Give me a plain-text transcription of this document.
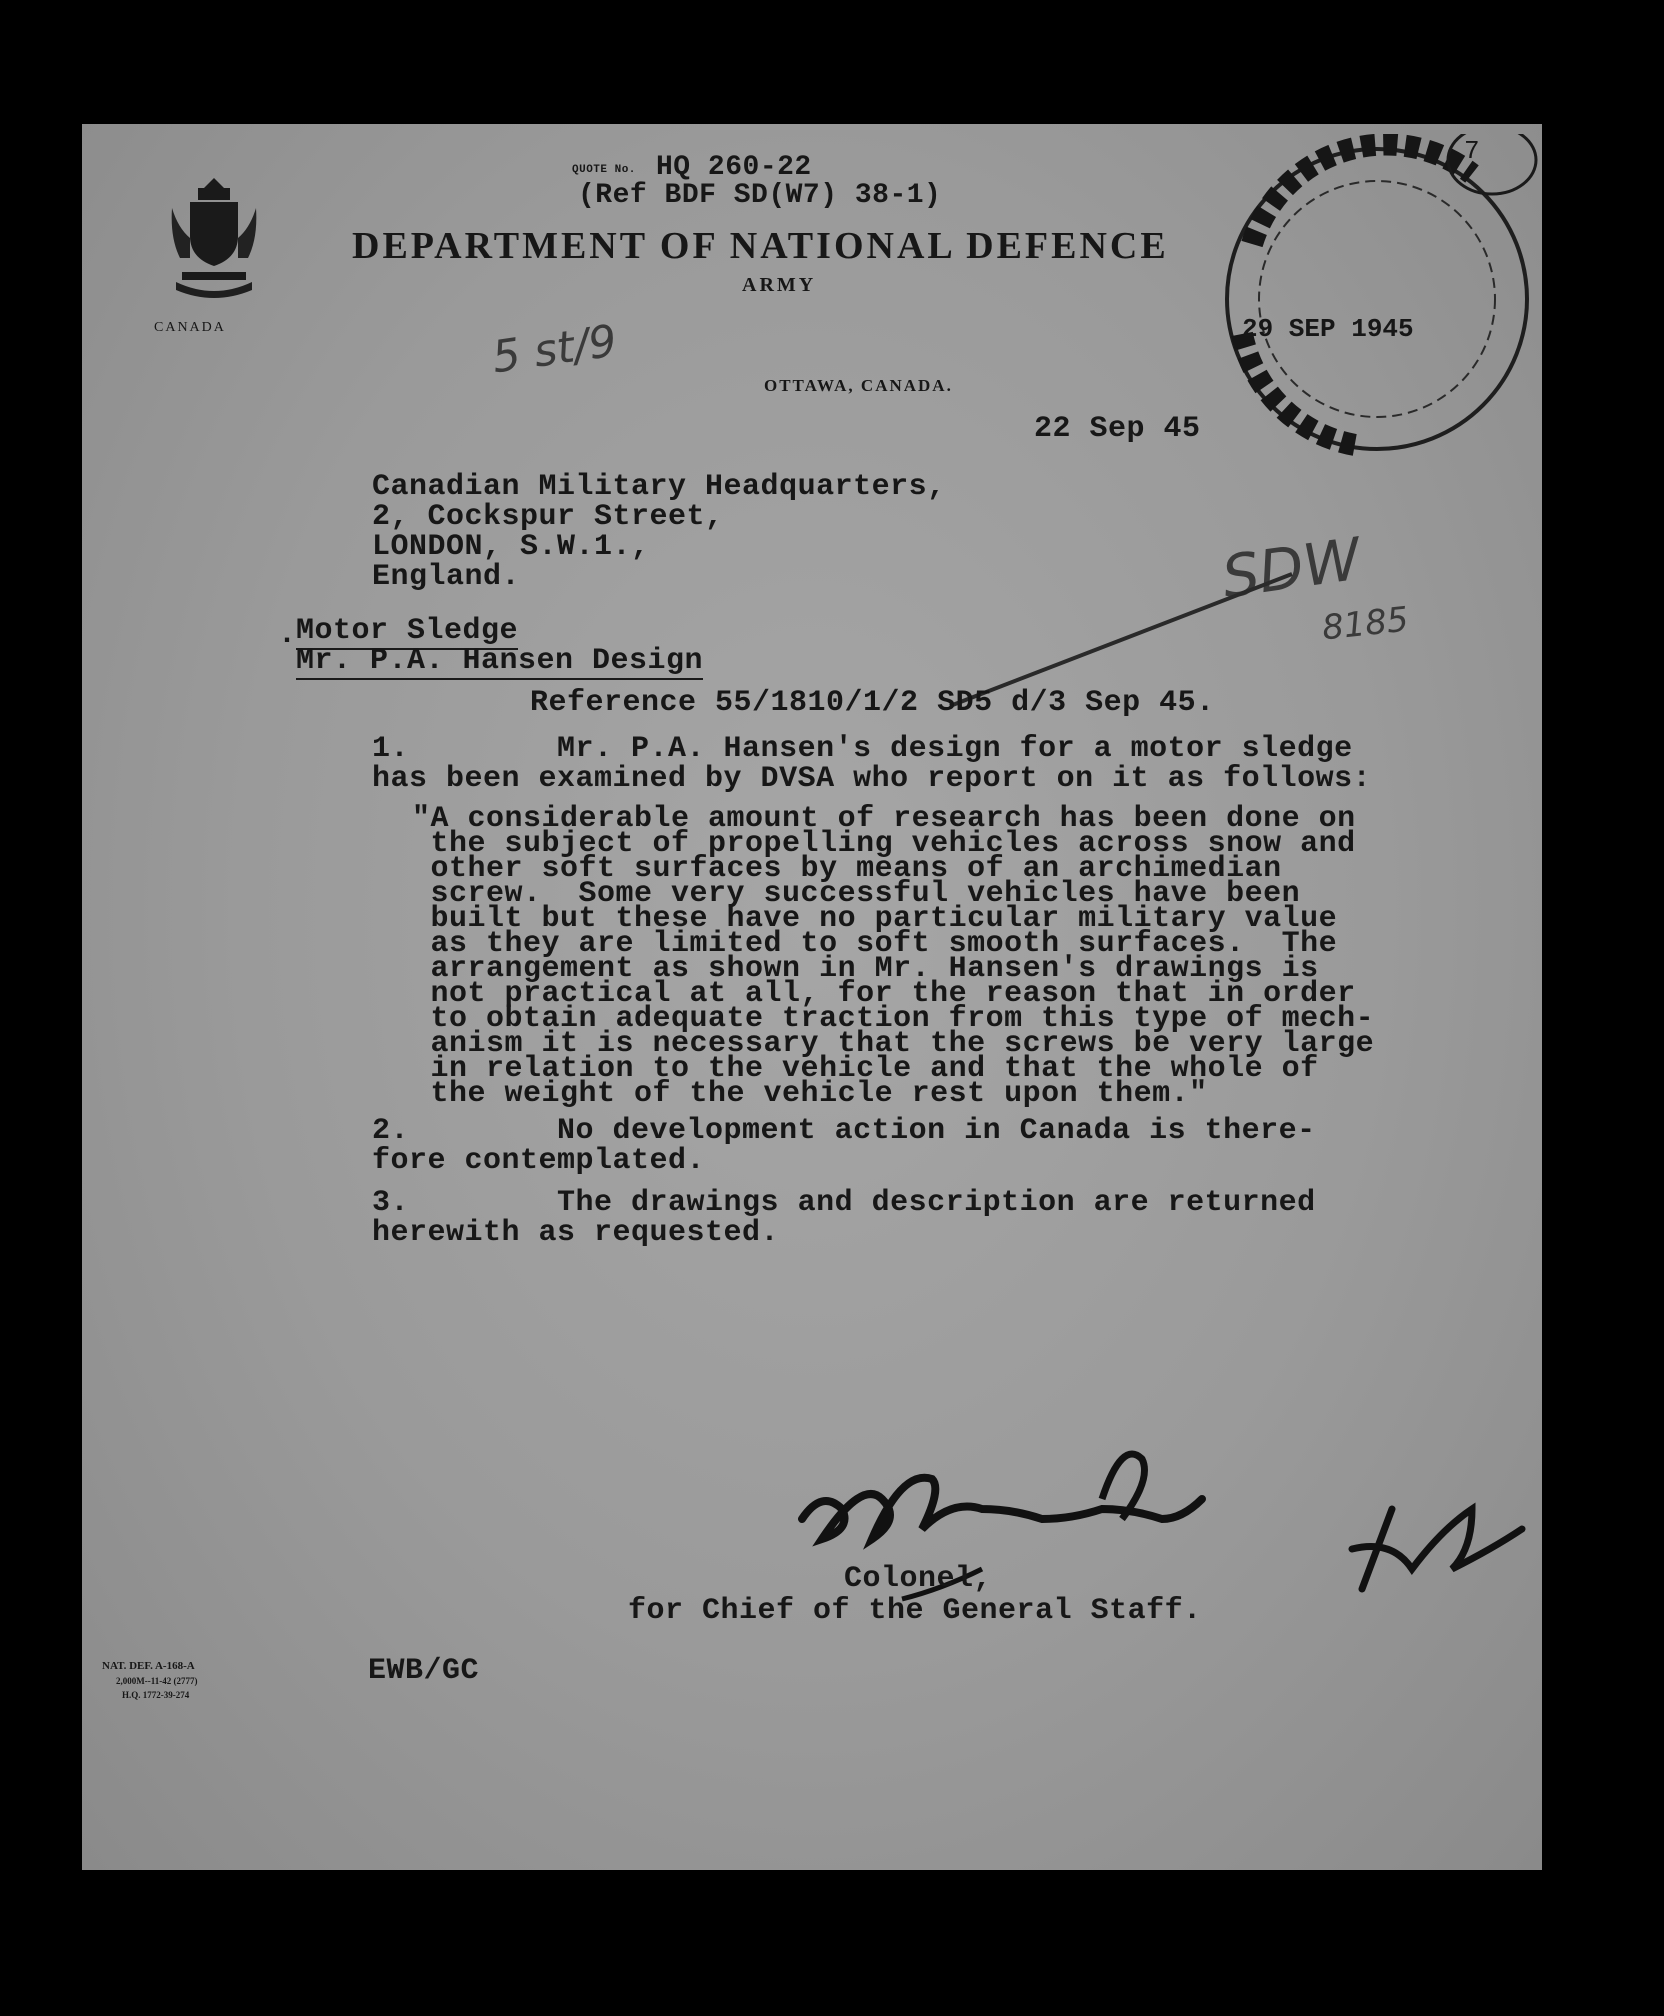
CANADA
QUOTE No. HQ 260-22
(Ref BDF SD(W7) 38-1)
DEPARTMENT OF NATIONAL DEFENCE
ARMY
OTTAWA, CANADA.
22 Sep 45
5 st/9
SDW
8185
7
29 SEP 1945
Canadian Military Headquarters,
2, Cockspur Street,
LONDON, S.W.1.,
England.
. Motor Sledge
Mr. P.A. Hansen Design
Reference 55/1810/1/2 SD5 d/3 Sep 45.
1.        Mr. P.A. Hansen's design for a motor sledge
has been examined by DVSA who report on it as follows:
"A considerable amount of research has been done on
the subject of propelling vehicles across snow and
other soft surfaces by means of an archimedian
screw.  Some very successful vehicles have been
built but these have no particular military value
as they are limited to soft smooth surfaces.  The
arrangement as shown in Mr. Hansen's drawings is
not practical at all, for the reason that in order
to obtain adequate traction from this type of mech-
anism it is necessary that the screws be very large
in relation to the vehicle and that the whole of
the weight of the vehicle rest upon them."
2.        No development action in Canada is there-
fore contemplated.
3.        The drawings and description are returned
herewith as requested.
Colonel,
for Chief of the General Staff.
EWB/GC
NAT. DEF. A-168-A
2,000M--11-42 (2777)
H.Q. 1772-39-274
